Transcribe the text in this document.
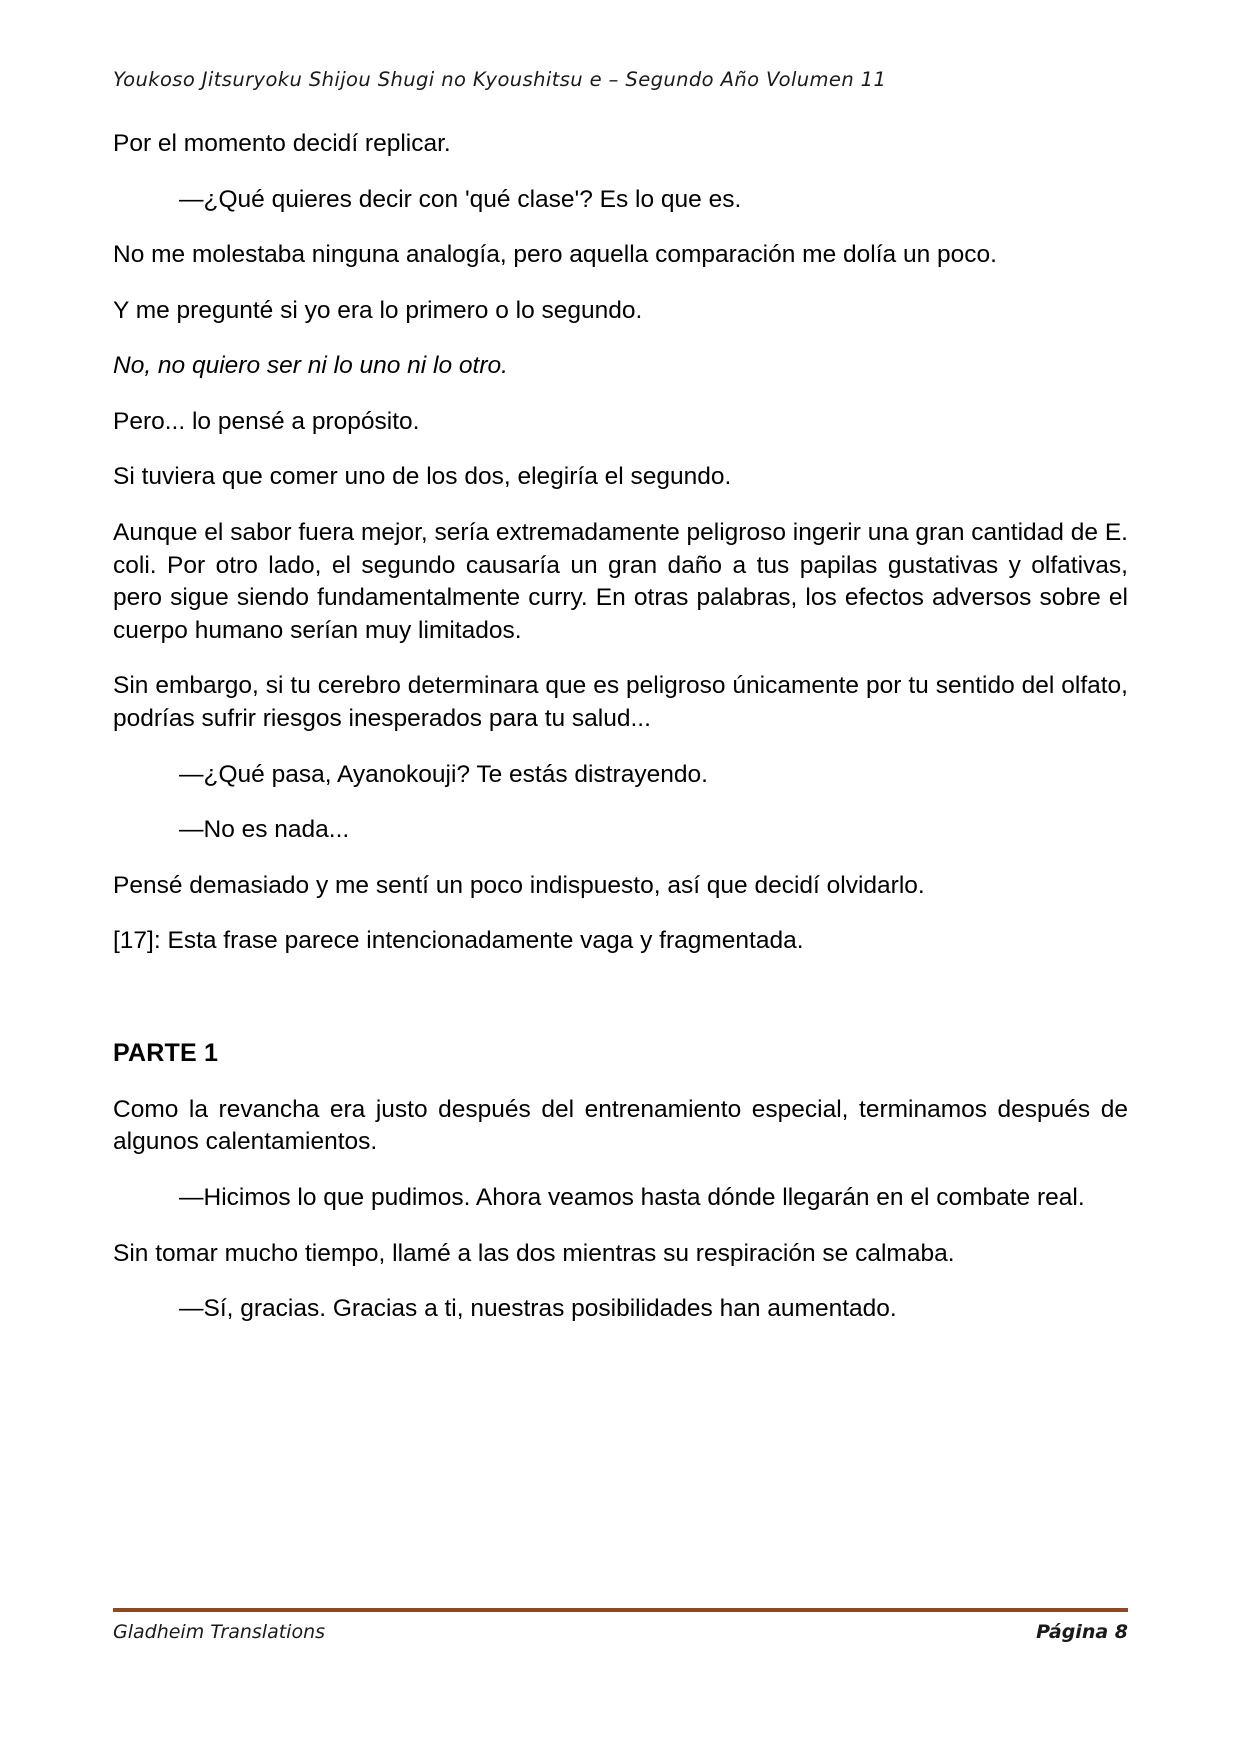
Youkoso Jitsuryoku Shijou Shugi no Kyoushitsu e – Segundo Año Volumen 11

Por el momento decidí replicar.

—¿Qué quieres decir con 'qué clase'? Es lo que es.

No me molestaba ninguna analogía, pero aquella comparación me dolía un poco.

Y me pregunté si yo era lo primero o lo segundo.

No, no quiero ser ni lo uno ni lo otro.

Pero... lo pensé a propósito.

Si tuviera que comer uno de los dos, elegiría el segundo.

Aunque el sabor fuera mejor, sería extremadamente peligroso ingerir una gran cantidad de E. coli. Por otro lado, el segundo causaría un gran daño a tus papilas gustativas y olfativas, pero sigue siendo fundamentalmente curry. En otras palabras, los efectos adversos sobre el cuerpo humano serían muy limitados.

Sin embargo, si tu cerebro determinara que es peligroso únicamente por tu sentido del olfato, podrías sufrir riesgos inesperados para tu salud...

—¿Qué pasa, Ayanokouji? Te estás distrayendo.

—No es nada...

Pensé demasiado y me sentí un poco indispuesto, así que decidí olvidarlo.

[17]: Esta frase parece intencionadamente vaga y fragmentada.

PARTE 1

Como la revancha era justo después del entrenamiento especial, terminamos después de algunos calentamientos.

—Hicimos lo que pudimos. Ahora veamos hasta dónde llegarán en el combate real.

Sin tomar mucho tiempo, llamé a las dos mientras su respiración se calmaba.

—Sí, gracias. Gracias a ti, nuestras posibilidades han aumentado.

Gladheim Translations	Página 8
